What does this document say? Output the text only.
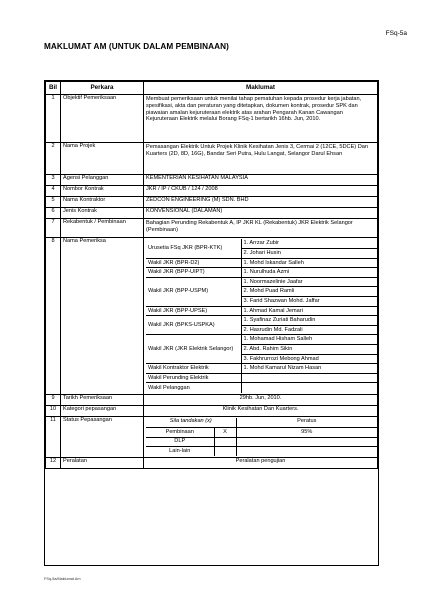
FSq-5a
MAKLUMAT AM (UNTUK DALAM PEMBINAAN)
Bil	Perkara	Maklumat
1	Objektif Pemeriksaan	Membuat pemeriksaan untuk menilai tahap pematuhan kepada prosedur kerja jabatan, spesifikasi, akta dan peraturan yang ditetapkan, dokumen kontrak, prosedur SPK dan piawaian amalan kejuruteraan elektrik atas arahan Pengarah Kanan Cawangan Kejuruteraan Elektrik melalui Borang FSq-1 bertarikh 16hb. Jun, 2010.
2	Nama Projek	Pemasangan Elektrik Untuk Projek Klinik Kesihatan Jenis 3, Cermai 2 (12CE, 5DCE) Dan Kuarters (2D, 8D, 16G), Bandar Seri Putra, Hulu Langat, Selangor Darul Ehsan
3	Agensi Pelanggan	KEMENTERIAN KESIHATAN MALAYSIA
4	Nombor Kontrak	JKR / IP / CKUB / 124 / 2008
5	Nama Kontraktor	ZEDCON ENGINEERING (M) SDN. BHD
6	Jenis Kontrak	KONVENSIONAL (DALAMAN)
7	Rekabentuk / Pembinaan	Bahagian Perunding Rekabentuk A, IP JKR KL (Rekabentuk) JKR Elektrik Selangor (Pembinaan)
8	Nama Pemeriksa	
Urusetia FSq JKR (BPR-KTK)	1. Arrzar Zubir
2. Johari Husin
Wakil JKR (BPR-D2)	1. Mohd Iskandar Salleh
Wakil JKR (BPP-UIPT)	1. Nurulhuda Azmi
Wakil JKR (BPP-USPM)	1. Noormazelinie Jaafar
2. Mohd Puad Ramli
3. Farid Shazwan Mohd. Jaffar
Wakil JKR (BPP-UPSE)	1. Ahmad Kamal Jemari
Wakil JKR (BPKS-USPKA)	1. Syafinaz Zuriati Baharudin
2. Hasrudin Md. Fadzali
Wakil JKR (JKR Elektrik Selangor)	1. Mohamad Hisham Salleh
2. Abd. Rahim Sikin
3. Fakhrurrozi Mebong Ahmad
Wakil Kontraktor Elektrik	1. Mohd Kamarul Nizam Hasan
Wakil Perunding Elektrik	
Wakil Pelanggan	

9	Tarikh Pemeriksaan	29hb. Jun, 2010.
10	Kategori pepasangan	Klinik Kesihatan Dan Kuarters.
11	Status Pepasangan		Sila tandakan (x)	Peratus
Pembinaan	X	95%
DLP		
Lain-lain		

12	Peralatan	Peralatan pengujian
FSq-5a/Maklumat Am
